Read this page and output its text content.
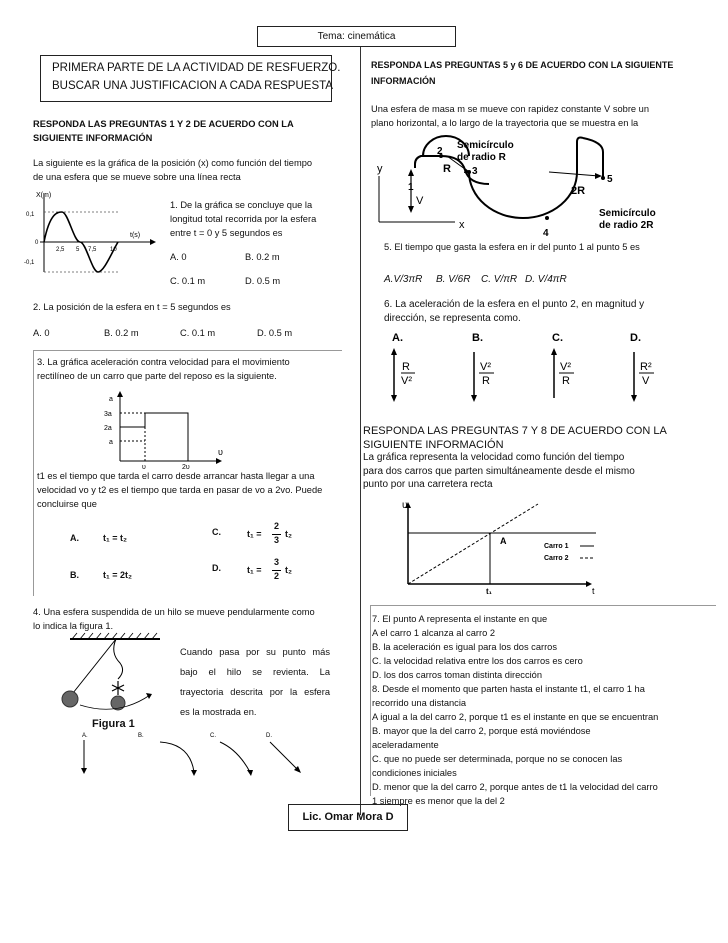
Tema: cinemática
PRIMERA PARTE DE LA ACTIVIDAD DE RESFUERZO.
BUSCAR UNA JUSTIFICACION A CADA RESPUESTA
RESPONDA LAS PREGUNTAS 1 Y 2 DE ACUERDO CON LA
SIGUIENTE INFORMACIÓN
La siguiente es la gráfica de la posición (x) como función del tiempo
de una esfera que se mueve sobre una línea recta
X(m)
t(s)
0,1
0
-0,1
2,5 5 7,5 10
1. De la gráfica se concluye que la
longitud total recorrida por la esfera
entre t = 0 y 5 segundos es
A. 0	B. 0.2 m
C. 0.1 m	D. 0.5 m
2. La posición de la esfera en t = 5 segundos es
A. 0	B. 0.2 m	C. 0.1 m	D. 0.5 m
3. La gráfica aceleración contra velocidad para el movimiento
rectilíneo de un carro que parte del reposo es la siguiente.
a
υ
3a
2a
a
υ	2υ
t1 es el tiempo que tarda el carro desde arrancar hasta llegar a una
velocidad vo y t2 es el tiempo que tarda en pasar de vo a 2vo. Puede
concluirse que
A.	t₁ = t₂
B.	t₁ = 2t₂
C.	t₁ =
2
3
t₂
D.	t₁ =
3
2
t₂
4. Una esfera suspendida de un hilo se mueve pendularmente como
lo indica la figura 1.
Figura 1
Cuando pasa por su punto más
bajo el hilo se revienta. La
trayectoria descrita por la esfera
es la mostrada en.
A.	B.	C.	D.
RESPONDA LAS PREGUNTAS 5 y 6 DE ACUERDO CON LA SIGUIENTE
INFORMACIÓN
Una esfera de masa m se mueve con rapidez constante V sobre un
plano horizontal, a lo largo de la trayectoria que se muestra en la
y
x
V
1
2
3
4
5
R
2R
Semicírculo
de radio R
Semicírculo
de radio 2R
5. El tiempo que gasta la esfera en ir del punto 1 al punto 5 es
A.V/3πR B. V/6R C. V/πR D. V/4πR
6. La aceleración de la esfera en el punto 2, en magnitud y
dirección, se representa como.
A.	B.	C.	D.
R
V²
V²
R
V²
R
R²
V
RESPONDA LAS PREGUNTAS 7 Y 8 DE ACUERDO CON LA
SIGUIENTE INFORMACIÓN
La gráfica representa la velocidad como función del tiempo
para dos carros que parten simultáneamente desde el mismo
punto por una carretera recta
υ
t
A
Carro 1
Carro 2
t₁
7. El punto A representa el instante en que
A el carro 1 alcanza al carro 2
B. la aceleración es igual para los dos carros
C. la velocidad relativa entre los dos carros es cero
D. los dos carros toman distinta dirección
8. Desde el momento que parten hasta el instante t1, el carro 1 ha
recorrido una distancia
A igual a la del carro 2, porque t1 es el instante en que se encuentran
B. mayor que la del carro 2, porque está moviéndose
aceleradamente
C. que no puede ser determinada, porque no se conocen las
condiciones iniciales
D. menor que la del carro 2, porque antes de t1 la velocidad del carro
1 siempre es menor que la del 2
Lic. Omar Mora D
